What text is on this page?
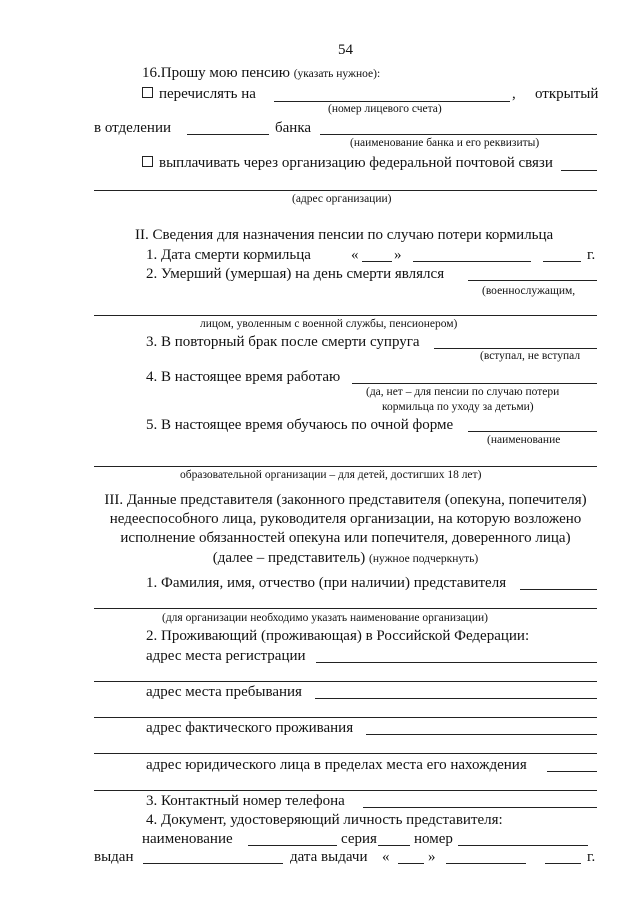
54
16.Прошу мою пенсию (указать нужное):
перечислять на	, открытый
(номер лицевого счета)
в отделении	банка
(наименование банка и его реквизиты)
выплачивать через организацию федеральной почтовой связи
(адрес организации)
II. Сведения для назначения пенсии по случаю потери кормильца
1. Дата смерти кормильца	« »	г.
2. Умерший (умершая) на день смерти являлся
(военнослужащим,
лицом, уволенным с военной службы, пенсионером)
3. В повторный брак после смерти супруга
(вступал, не вступал
4. В настоящее время работаю
(да, нет – для пенсии по случаю потери
кормильца по уходу за детьми)
5. В настоящее время обучаюсь по очной форме
(наименование
образовательной организации – для детей, достигших 18 лет)
III. Данные представителя (законного представителя (опекуна, попечителя)
недееспособного лица, руководителя организации, на которую возложено
исполнение обязанностей опекуна или попечителя, доверенного лица)
(далее – представитель) (нужное подчеркнуть)
1. Фамилия, имя, отчество (при наличии) представителя
(для организации необходимо указать наименование организации)
2. Проживающий (проживающая) в Российской Федерации:
адрес места регистрации
адрес места пребывания
адрес фактического проживания
адрес юридического лица в пределах места его нахождения
3. Контактный номер телефона
4. Документ, удостоверяющий личность представителя:
наименование	серия номер
выдан	дата выдачи «	»	г.
